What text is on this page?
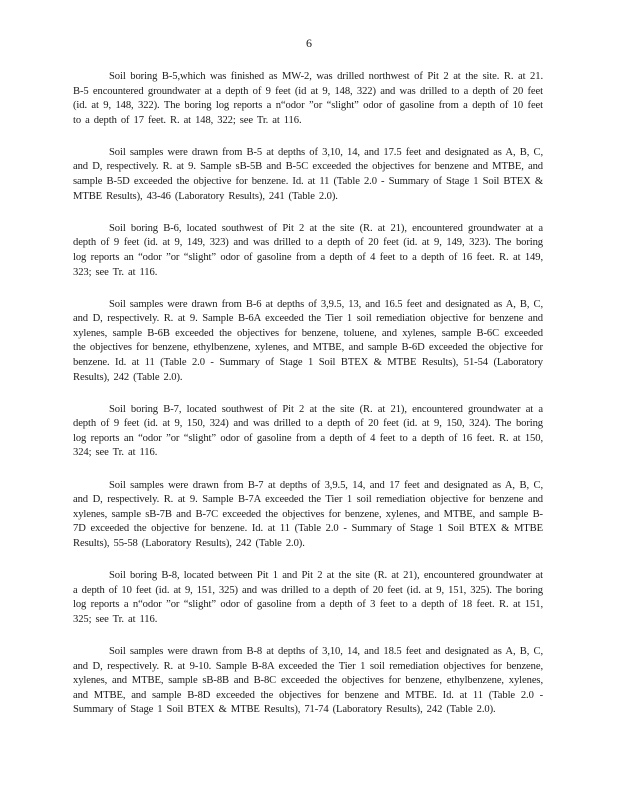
6

Soil boring B-5,which was finished as MW-2, was drilled northwest of Pit 2 at the site. R. at 21. B-5 encountered groundwater at a depth of 9 feet (id at 9, 148, 322) and was drilled to a depth of 20 feet (id. at 9, 148, 322). The boring log reports a n“odor ”or “slight” odor of gasoline from a depth of 10 feet to a depth of 17 feet. R. at 148, 322; see Tr. at 116.

Soil samples were drawn from B-5 at depths of 3,10, 14, and 17.5 feet and designated as A, B, C, and D, respectively. R. at 9. Sample sB-5B and B-5C exceeded the objectives for benzene and MTBE, and sample B-5D exceeded the objective for benzene. Id. at 11 (Table 2.0 - Summary of Stage 1 Soil BTEX & MTBE Results), 43-46 (Laboratory Results), 241 (Table 2.0).

Soil boring B-6, located southwest of Pit 2 at the site (R. at 21), encountered groundwater at a depth of 9 feet (id. at 9, 149, 323) and was drilled to a depth of 20 feet (id. at 9, 149, 323). The boring log reports an “odor ”or “slight” odor of gasoline from a depth of 4 feet to a depth of 16 feet. R. at 149, 323; see Tr. at 116.

Soil samples were drawn from B-6 at depths of 3,9.5, 13, and 16.5 feet and designated as A, B, C, and D, respectively. R. at 9. Sample B-6A exceeded the Tier 1 soil remediation objective for benzene and xylenes, sample B-6B exceeded the objectives for benzene, toluene, and xylenes, sample B-6C exceeded the objectives for benzene, ethylbenzene, xylenes, and MTBE, and sample B-6D exceeded the objective for benzene. Id. at 11 (Table 2.0 - Summary of Stage 1 Soil BTEX & MTBE Results), 51-54 (Laboratory Results), 242 (Table 2.0).

Soil boring B-7, located southwest of Pit 2 at the site (R. at 21), encountered groundwater at a depth of 9 feet (id. at 9, 150, 324) and was drilled to a depth of 20 feet (id. at 9, 150, 324). The boring log reports an “odor ”or “slight” odor of gasoline from a depth of 4 feet to a depth of 16 feet. R. at 150, 324; see Tr. at 116.

Soil samples were drawn from B-7 at depths of 3,9.5, 14, and 17 feet and designated as A, B, C, and D, respectively. R. at 9. Sample B-7A exceeded the Tier 1 soil remediation objective for benzene and xylenes, sample sB-7B and B-7C exceeded the objectives for benzene, xylenes, and MTBE, and sample B-7D exceeded the objective for benzene. Id. at 11 (Table 2.0 - Summary of Stage 1 Soil BTEX & MTBE Results), 55-58 (Laboratory Results), 242 (Table 2.0).

Soil boring B-8, located between Pit 1 and Pit 2 at the site (R. at 21), encountered groundwater at a depth of 10 feet (id. at 9, 151, 325) and was drilled to a depth of 20 feet (id. at 9, 151, 325). The boring log reports a n“odor ”or “slight” odor of gasoline from a depth of 3 feet to a depth of 18 feet. R. at 151, 325; see Tr. at 116.

Soil samples were drawn from B-8 at depths of 3,10, 14, and 18.5 feet and designated as A, B, C, and D, respectively. R. at 9-10. Sample B-8A exceeded the Tier 1 soil remediation objectives for benzene, xylenes, and MTBE, sample sB-8B and B-8C exceeded the objectives for benzene, ethylbenzene, xylenes, and MTBE, and sample B-8D exceeded the objectives for benzene and MTBE. Id. at 11 (Table 2.0 - Summary of Stage 1 Soil BTEX & MTBE Results), 71-74 (Laboratory Results), 242 (Table 2.0).
